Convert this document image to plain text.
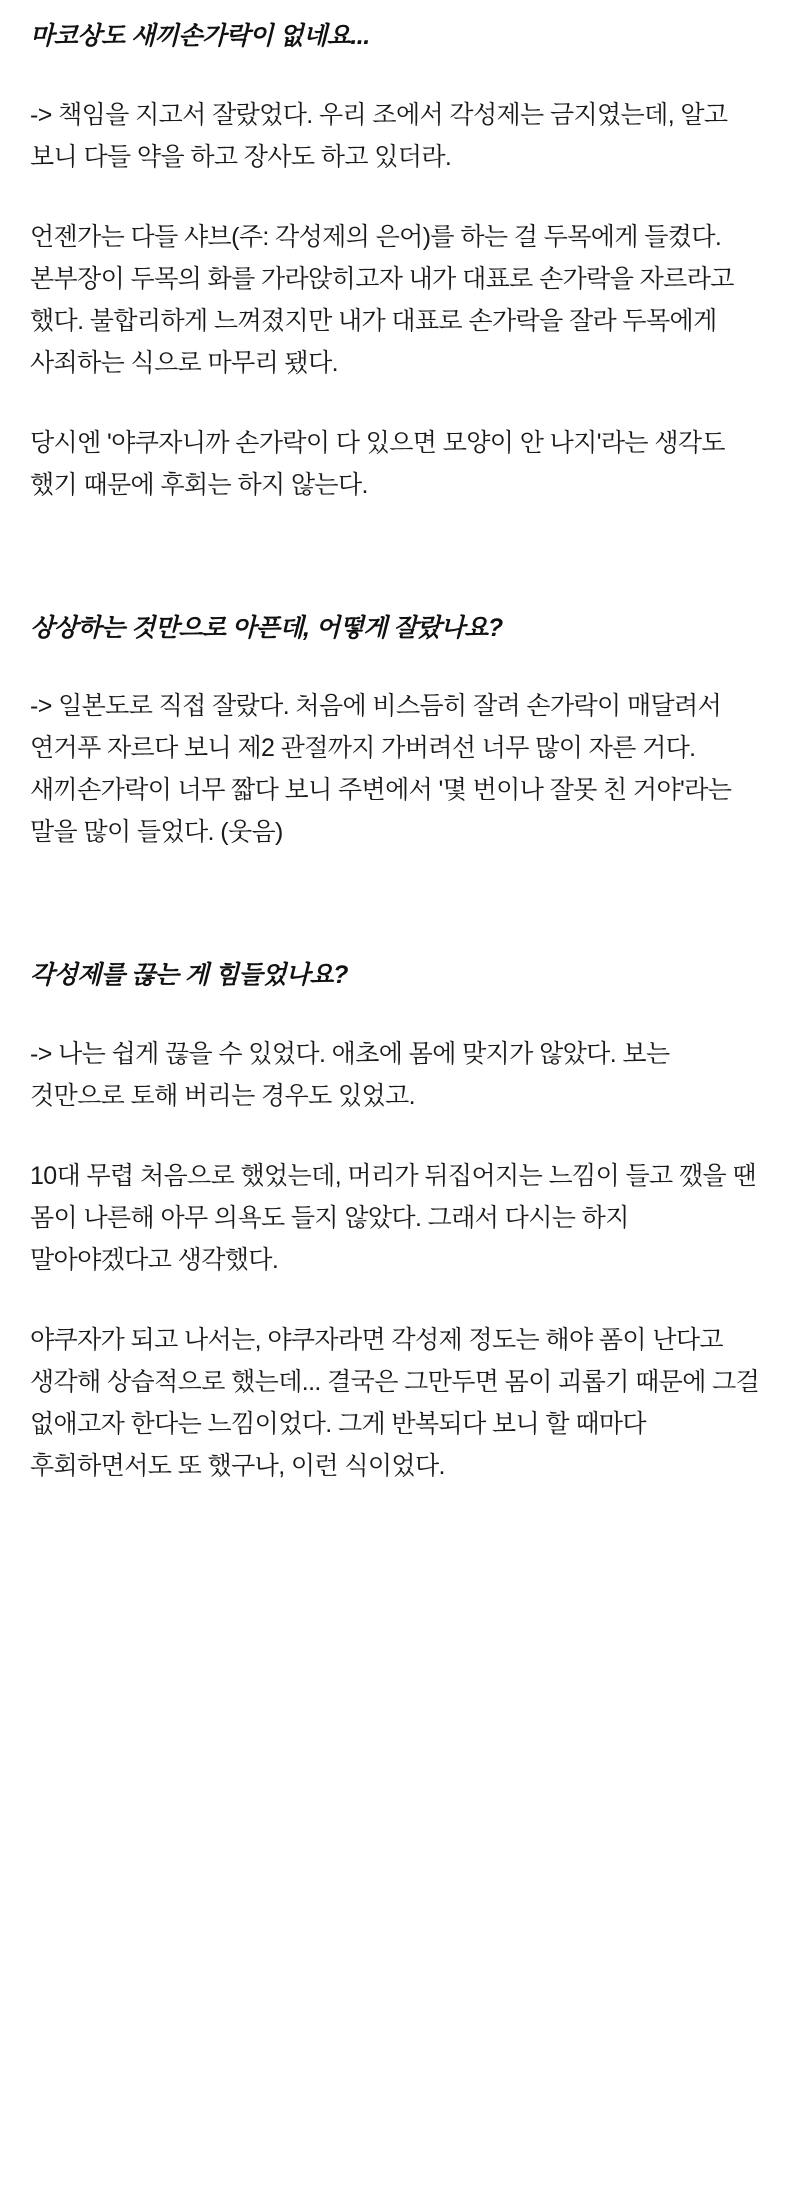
마코상도 새끼손가락이 없네요...

-> 책임을 지고서 잘랐었다. 우리 조에서 각성제는 금지였는데, 알고 보니 다들 약을 하고 장사도 하고 있더라.

언젠가는 다들 샤브(주: 각성제의 은어)를 하는 걸 두목에게 들켰다. 본부장이 두목의 화를 가라앉히고자 내가 대표로 손가락을 자르라고 했다. 불합리하게 느껴졌지만 내가 대표로 손가락을 잘라 두목에게 사죄하는 식으로 마무리 됐다.

당시엔 '야쿠자니까 손가락이 다 있으면 모양이 안 나지'라는 생각도 했기 때문에 후회는 하지 않는다.

상상하는 것만으로 아픈데, 어떻게 잘랐나요?

-> 일본도로 직접 잘랐다. 처음에 비스듬히 잘려 손가락이 매달려서 연거푸 자르다 보니 제2 관절까지 가버려선 너무 많이 자른 거다. 새끼손가락이 너무 짧다 보니 주변에서 '몇 번이나 잘못 친 거야'라는 말을 많이 들었다. (웃음)

각성제를 끊는 게 힘들었나요?

-> 나는 쉽게 끊을 수 있었다. 애초에 몸에 맞지가 않았다. 보는 것만으로 토해 버리는 경우도 있었고.

10대 무렵 처음으로 했었는데, 머리가 뒤집어지는 느낌이 들고 깼을 땐 몸이 나른해 아무 의욕도 들지 않았다. 그래서 다시는 하지 말아야겠다고 생각했다.

야쿠자가 되고 나서는, 야쿠자라면 각성제 정도는 해야 폼이 난다고 생각해 상습적으로 했는데... 결국은 그만두면 몸이 괴롭기 때문에 그걸 없애고자 한다는 느낌이었다. 그게 반복되다 보니 할 때마다 후회하면서도 또 했구나, 이런 식이었다.
